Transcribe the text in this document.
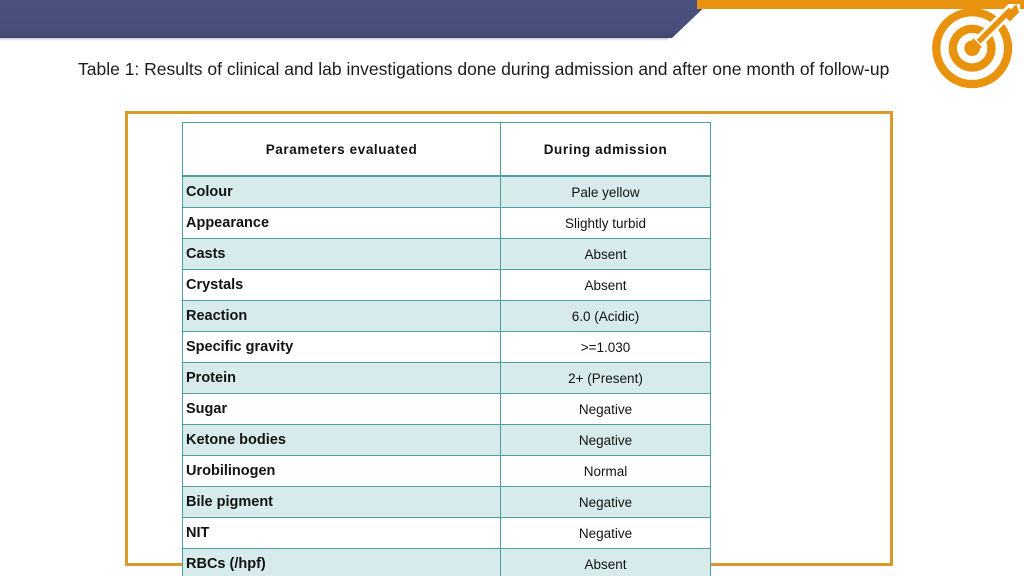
Table 1: Results of clinical and lab investigations done during admission and after one month of follow-up
Parameters evaluated	During admission
Colour	Pale yellow
Appearance	Slightly turbid
Casts	Absent
Crystals	Absent
Reaction	6.0 (Acidic)
Specific gravity	>=1.030
Protein	2+ (Present)
Sugar	Negative
Ketone bodies	Negative
Urobilinogen	Normal
Bile pigment	Negative
NIT	Negative
RBCs (/hpf)	Absent
